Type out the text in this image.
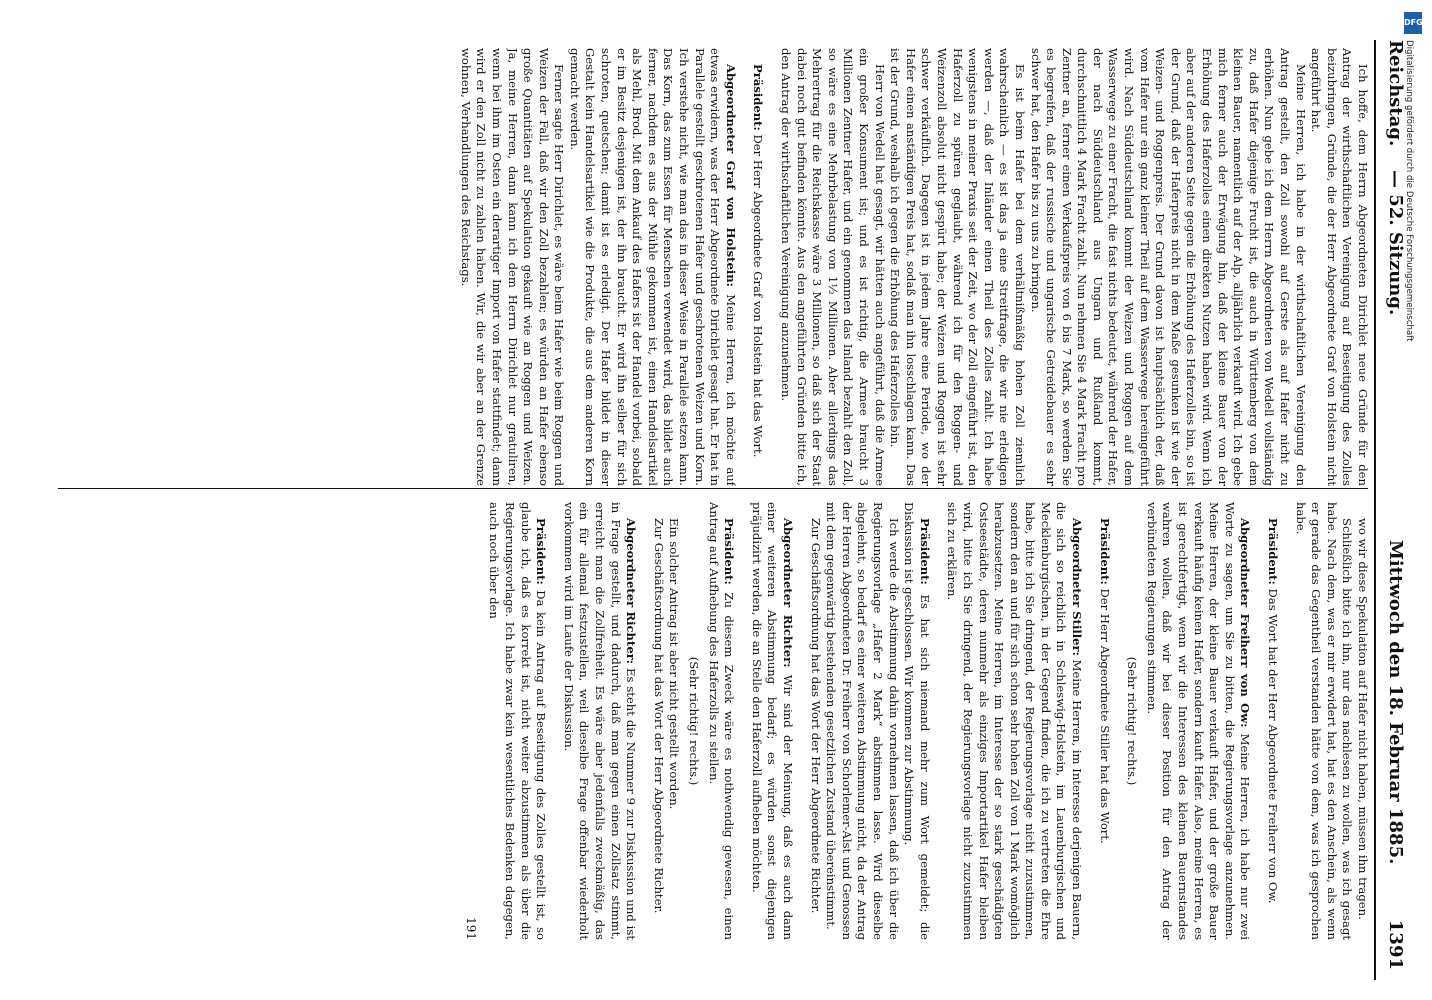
Reichstag.
— 52. Sitzung.
Mittwoch den 18. Februar 1885.
1391

Ich hoffe, dem Herrn Abgeordneten Dirichlet neue Gründe für den Antrag der wirthschaftlichen Vereinigung auf Beseitigung des Zolles beizubringen, Gründe, die der Herr Abgeordnete Graf von Holstein nicht angeführt hat.

Meine Herren, ich habe in der wirthschaftlichen Vereinigung den Antrag gestellt, den Zoll sowohl auf Gerste als auf Hafer nicht zu erhöhen. Nun gebe ich dem Herrn Abgeordneten von Wedell vollständig zu, daß Hafer diejenige Frucht ist, die auch in Württemberg von dem kleinen Bauer, namentlich auf der Alp, alljährlich verkauft wird. Ich gebe mich ferner auch der Erwägung hin, daß der kleine Bauer von der Erhöhung des Haferzolles einen direkten Nutzen haben wird. Wenn ich aber auf der anderen Seite gegen die Erhöhung des Haferzolles bin, so ist der Grund, daß der Haferpreis nicht in dem Maße gesunken ist wie der Weizen- und Roggenpreis. Der Grund davon ist hauptsächlich der, daß vom Hafer nur ein ganz kleiner Theil auf dem Wasserwege hereingeführt wird. Nach Süddeutschland kommt der Weizen und Roggen auf dem Wasserwege zu einer Fracht, die fast nichts bedeutet, während der Hafer, der nach Süddeutschland aus Ungarn und Rußland kommt, durchschnittlich 4 Mark Fracht zahlt. Nun nehmen Sie 4 Mark Fracht pro Zentner an, ferner einen Verkaufspreis von 6 bis 7 Mark, so werden Sie es begreifen, daß der russische und ungarische Getreidebauer es sehr schwer hat, den Hafer bis zu uns zu bringen.

Es ist beim Hafer bei dem verhältnißmäßig hohen Zoll ziemlich wahrscheinlich — es ist das ja eine Streitfrage, die wir nie erledigen werden —, daß der Inländer einen Theil des Zolles zahlt. Ich habe wenigstens in meiner Praxis seit der Zeit, wo der Zoll eingeführt ist, den Haferzoll zu spüren geglaubt, während ich für den Roggen- und Weizenzoll absolut nicht gespürt habe; der Weizen und Roggen ist sehr schwer verkäuflich. Dagegen ist in jedem Jahre eine Periode, wo der Hafer einen anständigen Preis hat, sodaß man ihn losschlagen kann. Das ist der Grund, weshalb ich gegen die Erhöhung des Haferzolles bin.

Herr von Wedell hat gesagt, wir hätten auch angeführt, daß die Armee ein großer Konsument ist; und es ist richtig, die Armee braucht 3 Millionen Zentner Hafer, und ein genommen das Inland bezahlt den Zoll, so wäre es eine Mehrbelastung von 1½ Millionen. Aber allerdings das Mehrertrag für die Reichskasse wäre 3 Millionen, so daß sich der Staat dabei noch gut befinden könnte. Aus den angeführten Gründen bitte ich, den Antrag der wirthschaftlichen Vereinigung anzunehmen.

Präsident: Der Herr Abgeordnete Graf von Holstein hat das Wort.

Abgeordneter Graf von Holstein: Meine Herren, ich möchte auf etwas erwidern, was der Herr Abgeordnete Dirichlet gesagt hat. Er hat in Parallele gestellt geschrotenen Hafer und geschrotenen Weizen und Korn. Ich verstehe nicht, wie man das in dieser Weise in Parallele setzen kann. Das Korn, das zum Essen für Menschen verwendet wird, das bildet auch ferner, nachdem es aus der Mühle gekommen ist, einen Handelsartikel als Mehl, Brod. Mit dem Ankauf des Hafers ist der Handel vorbei, sobald er im Besitz desjenigen ist, der ihn braucht. Er wird ihn selber für sich schroten, quetschen; damit ist es erledigt. Der Hafer bildet in dieser Gestalt kein Handelsartikel wie die Produkte, die aus dem anderen Korn gemacht werden.

Ferner sagte Herr Dirichlet, es wäre beim Hafer wie beim Roggen und Weizen der Fall, daß wir den Zoll bezahlen; es würden an Hafer ebenso große Quantitäten auf Spekulation gekauft wie an Roggen und Weizen. Ja, meine Herren, dann kann ich dem Herrn Dirichlet nur gratuliren, wenn bei ihm im Osten ein derartiger Import von Hafer stattfindet; dann wird er den Zoll nicht zu zahlen haben. Wir, die wir aber an der Grenze wohnen, Verhandlungen des Reichstags.

wo wir diese Spekulation auf Hafer nicht haben, müssen ihn tragen.

Schließlich bitte ich ihn, nur das nachlesen zu wollen, was ich gesagt habe. Nach dem, was er mir erwidert hat, hat es den Anschein, als wenn er gerade das Gegentheil verstanden hätte von dem, was ich gesprochen habe.

Präsident: Das Wort hat der Herr Abgeordnete Freiherr von Ow.

Abgeordneter Freiherr von Ow: Meine Herren, ich habe nur zwei Worte zu sagen, um Sie zu bitten, die Regierungsvorlage anzunehmen. Meine Herren, der kleine Bauer verkauft Hafer, und der große Bauer verkauft häufig keinen Hafer, sondern kauft Hafer. Also, meine Herren, es ist gerechtfertigt, wenn wir die Interessen des kleinen Bauernstandes wahren wollen, daß wir bei dieser Position für den Antrag der verbündeten Regierungen stimmen.

(Sehr richtig! rechts.)

Präsident: Der Herr Abgeordnete Stiller hat das Wort.

Abgeordneter Stiller: Meine Herren, im Interesse derjenigen Bauern, die sich so reichlich in Schleswig-Holstein, im Lauenburgischen und Mecklenburgischen, in der Gegend finden, die ich zu vertreten die Ehre habe, bitte ich Sie dringend, der Regierungsvorlage nicht zuzustimmen, sondern den an und für sich schon sehr hohen Zoll von 1 Mark womöglich herabzusetzen. Meine Herren, im Interesse der so stark geschädigten Ostseestädte, deren nunmehr als einziges Importartikel Hafer bleiben wird, bitte ich Sie dringend, der Regierungsvorlage nicht zuzustimmen sich zu erklären.

Präsident: Es hat sich niemand mehr zum Wort gemeldet; die Diskussion ist geschlossen. Wir kommen zur Abstimmung.

Ich werde die Abstimmung dahin vornehmen lassen, daß ich über die Regierungsvorlage „Hafer 2 Mark“ abstimmen lasse. Wird dieselbe abgelehnt, so bedarf es einer weiteren Abstimmung nicht, da der Antrag der Herren Abgeordneten Dr. Freiherr von Schorlemer-Alst und Genossen mit dem gegenwärtig bestehenden gesetzlichen Zustand übereinstimmt.

Zur Geschäftsordnung hat das Wort der Herr Abgeordnete Richter.

Abgeordneter Richter: Wir sind der Meinung, daß es auch dann einer weiteren Abstimmung bedarf; es würden sonst diejenigen präjudizirt werden, die an Stelle den Haferzoll aufheben möchten.

Präsident: Zu diesem Zweck wäre es nothwendig gewesen, einen Antrag auf Aufhebung des Haferzolls zu stellen.

(Sehr richtig! rechts.)

Ein solcher Antrag ist aber nicht gestellt worden.

Zur Geschäftsordnung hat das Wort der Herr Abgeordnete Richter.

Abgeordneter Richter: Es steht die Nummer 9 zur Diskussion und ist in Frage gestellt, und dadurch, daß man gegen einen Zollsatz stimmt, erreicht man die Zollfreiheit. Es wäre aber jedenfalls zweckmäßig, das ein für allemal festzustellen, weil dieselbe Frage offenbar wiederholt vorkommen wird im Laufe der Diskussion.

Präsident: Da kein Antrag auf Beseitigung des Zolles gestellt ist, so glaube ich, daß es korrekt ist, nicht weiter abzustimmen als über die Regierungsvorlage. Ich habe zwar kein wesentliches Bedenken dagegen, auch noch über den

191

DFG
Digitalisierung gefördert durch die Deutsche Forschungsgemeinschaft
